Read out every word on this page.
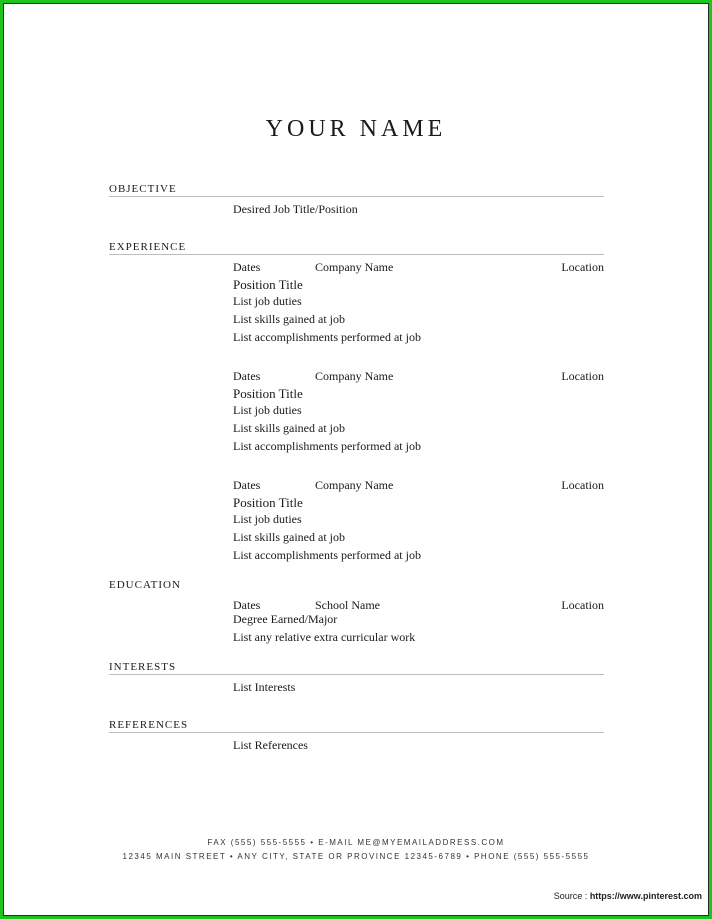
YOUR NAME
OBJECTIVE
Desired Job Title/Position
EXPERIENCE
Dates	Company Name	Location
Position Title
List job duties
List skills gained at job
List accomplishments performed at job
Dates	Company Name	Location
Position Title
List job duties
List skills gained at job
List accomplishments performed at job
Dates	Company Name	Location
Position Title
List job duties
List skills gained at job
List accomplishments performed at job
EDUCATION
Dates	School Name	Location
Degree Earned/Major
List any relative extra curricular work
INTERESTS
List Interests
REFERENCES
List References
FAX (555) 555-5555 • E-MAIL ME@MYEMAILADDRESS.COM
12345 MAIN STREET • ANY CITY, STATE OR PROVINCE 12345-6789 • PHONE (555) 555-5555
Source : https://www.pinterest.com
